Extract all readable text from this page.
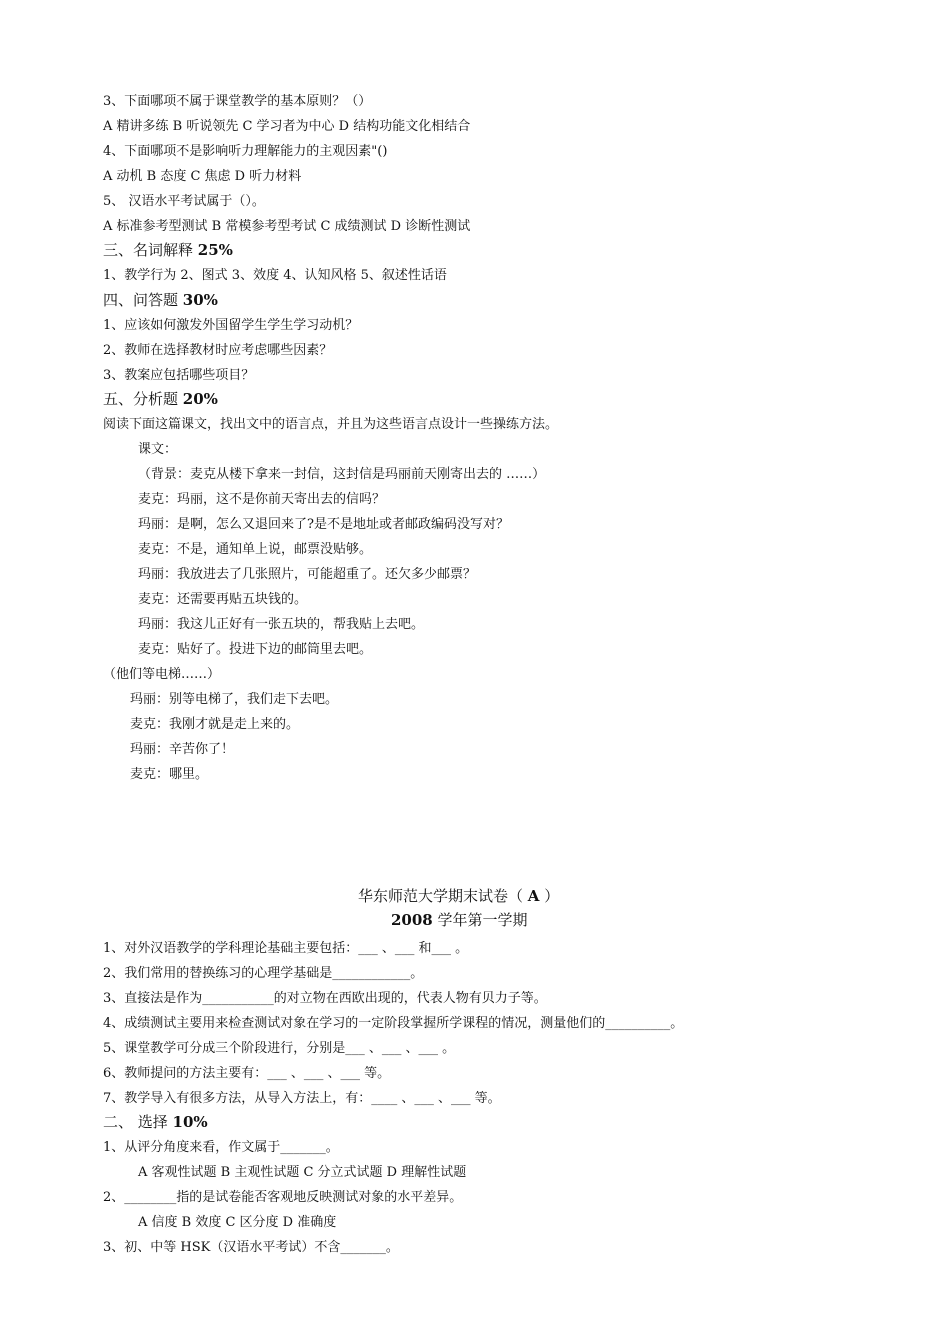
3、下面哪项不属于课堂教学的基本原则？（）
A 精讲多练 B 听说领先 C 学习者为中心 D 结构功能文化相结合
4、下面哪项不是影响听力理解能力的主观因素"()
A 动机 B 态度 C 焦虑 D 听力材料
5、 汉语水平考试属于（）。
A 标准参考型测试 B 常模参考型考试 C 成绩测试 D 诊断性测试
三、名词解释 25%
1、教学行为 2、图式 3、效度 4、认知风格 5、叙述性话语
四、问答题 30%
1、应该如何激发外国留学生学生学习动机？
2、教师在选择教材时应考虑哪些因素？
3、教案应包括哪些项目？
五、分析题 20%
阅读下面这篇课文，找出文中的语言点，并且为这些语言点设计一些操练方法。
课文：
（背景：麦克从楼下拿来一封信，这封信是玛丽前天刚寄出去的 ……）
麦克：玛丽，这不是你前天寄出去的信吗？
玛丽：是啊，怎么又退回来了?是不是地址或者邮政编码没写对？
麦克：不是，通知单上说，邮票没贴够。
玛丽：我放进去了几张照片，可能超重了。还欠多少邮票？
麦克：还需要再贴五块钱的。
玛丽：我这儿正好有一张五块的，帮我贴上去吧。
麦克：贴好了。投进下边的邮筒里去吧。
（他们等电梯……）
玛丽：别等电梯了，我们走下去吧。
麦克：我刚才就是走上来的。
玛丽：辛苦你了！
麦克：哪里。
1、对外汉语教学的学科理论基础主要包括：___ 、___ 和___ 。
2、我们常用的替换练习的心理学基础是____________。
3、直接法是作为___________的对立物在西欧出现的，代表人物有贝力子等。
4、成绩测试主要用来检查测试对象在学习的一定阶段掌握所学课程的情况，测量他们的__________。
5、课堂教学可分成三个阶段进行，分别是___ 、___ 、___ 。
6、教师提问的方法主要有：___ 、___ 、___ 等。
7、教学导入有很多方法，从导入方法上，有：____ 、___ 、___ 等。
二、 选择 10%
1、从评分角度来看，作文属于_______。
A 客观性试题 B 主观性试题 C 分立式试题 D 理解性试题
2、________指的是试卷能否客观地反映测试对象的水平差异。
A 信度 B 效度 C 区分度 D 准确度
3、初、中等 HSK（汉语水平考试）不含_______。
华东师范大学期末试卷（ A ）
2008 学年第一学期
